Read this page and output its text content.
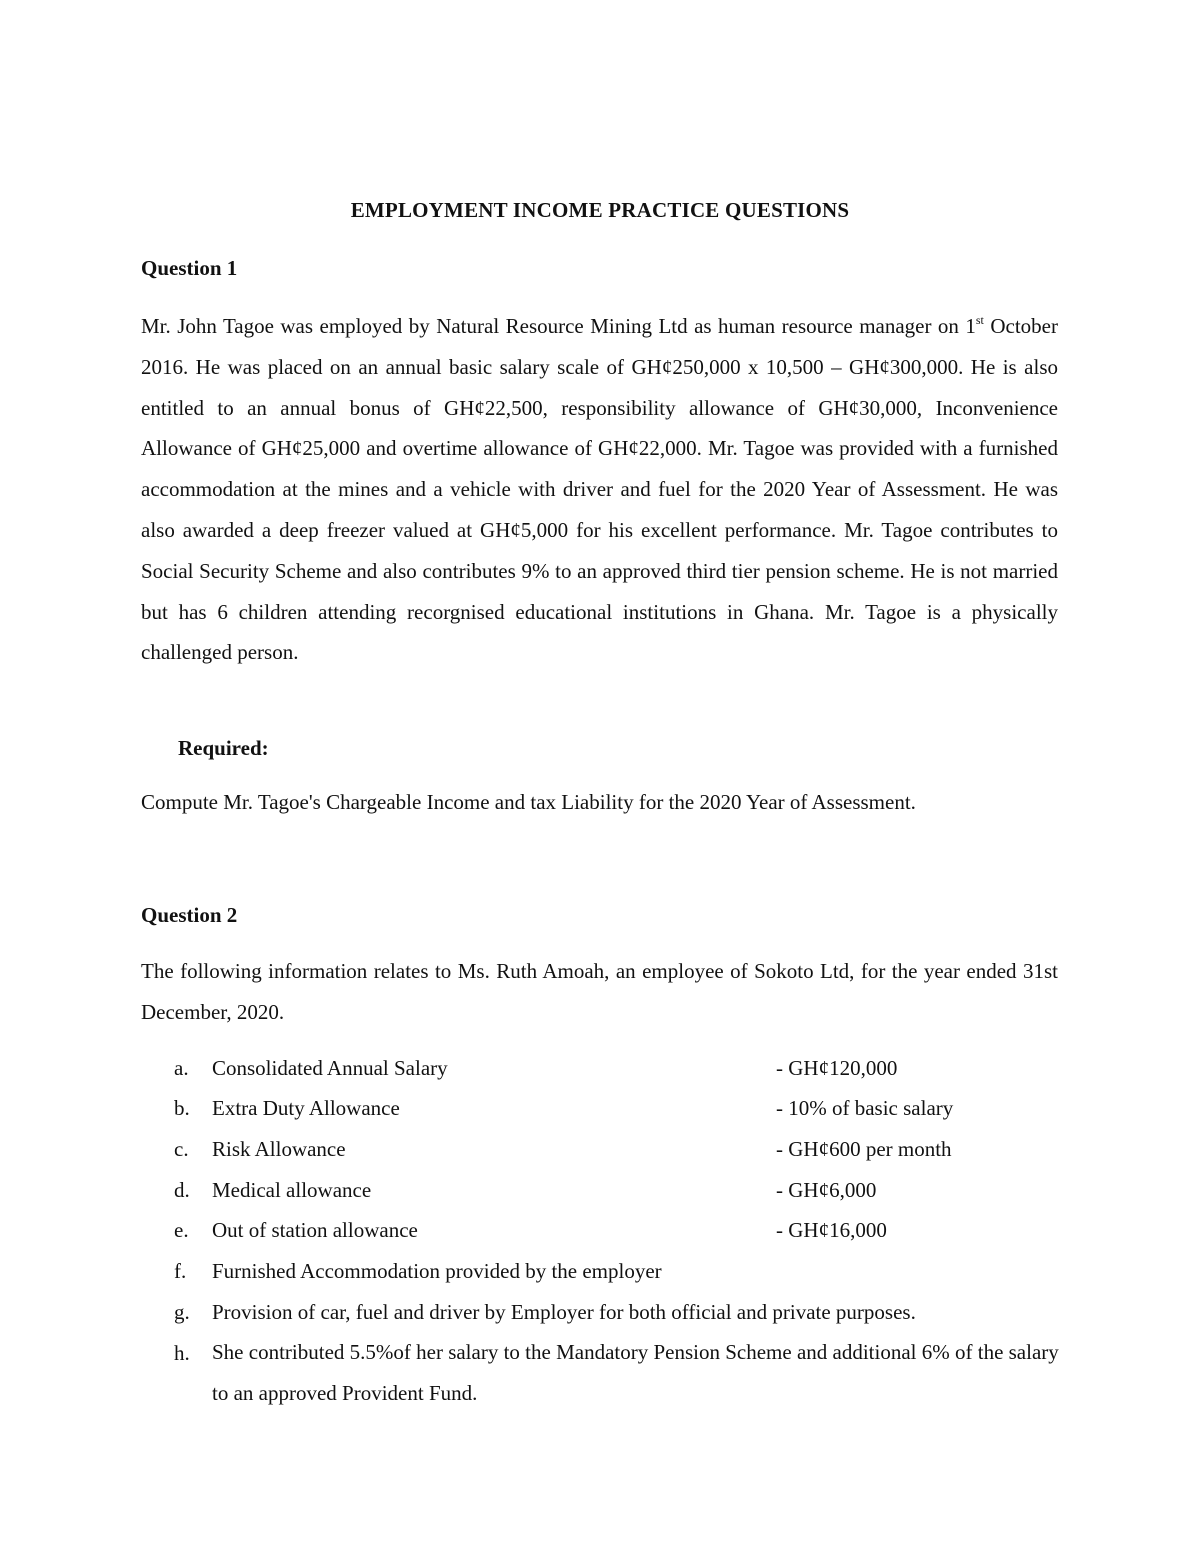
EMPLOYMENT INCOME PRACTICE QUESTIONS
Question 1

Mr. John Tagoe was employed by Natural Resource Mining Ltd as human resource manager on 1st October 2016. He was placed on an annual basic salary scale of GH¢250,000 x 10,500 – GH¢300,000. He is also entitled to an annual bonus of GH¢22,500, responsibility allowance of GH¢30,000, Inconvenience Allowance of GH¢25,000 and overtime allowance of GH¢22,000. Mr. Tagoe was provided with a furnished accommodation at the mines and a vehicle with driver and fuel for the 2020 Year of Assessment. He was also awarded a deep freezer valued at GH¢5,000 for his excellent performance. Mr. Tagoe contributes to Social Security Scheme and also contributes 9% to an approved third tier pension scheme. He is not married but has 6 children attending recorgnised educational institutions in Ghana. Mr. Tagoe is a physically challenged person.

Required:
Compute Mr. Tagoe's Chargeable Income and tax Liability for the 2020 Year of Assessment.
Question 2

The following information relates to Ms. Ruth Amoah, an employee of Sokoto Ltd, for the year ended 31st December, 2020.

a. Consolidated Annual Salary	- GH¢120,000
b. Extra Duty Allowance	- 10% of basic salary
c. Risk Allowance	- GH¢600 per month
d. Medical allowance	- GH¢6,000
e. Out of station allowance	- GH¢16,000
f. Furnished Accommodation provided by the employer
g. Provision of car, fuel and driver by Employer for both official and private purposes.
h. She contributed 5.5%of her salary to the Mandatory Pension Scheme and additional 6% of the salary to an approved Provident Fund.
